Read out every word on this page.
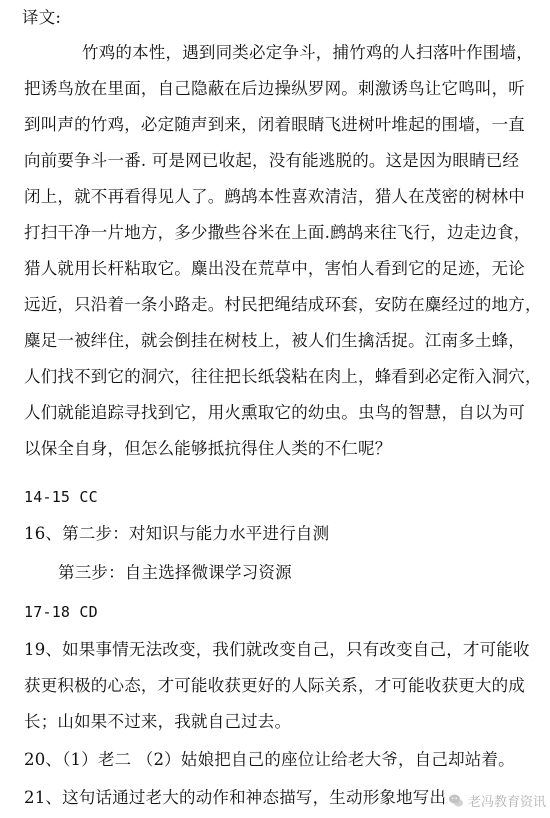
译文:
竹鸡的本性，遇到同类必定争斗，捕竹鸡的人扫落叶作围墙，
把诱鸟放在里面，自己隐蔽在后边操纵罗网。刺激诱鸟让它鸣叫，听
到叫声的竹鸡，必定随声到来，闭着眼睛飞进树叶堆起的围墙，一直
向前要争斗一番. 可是网已收起，没有能逃脱的。这是因为眼睛已经
闭上，就不再看得见人了。鹧鸪本性喜欢清洁，猎人在茂密的树林中
打扫干净一片地方，多少撒些谷米在上面.鹧鸪来往飞行，边走边食，
猎人就用长杆粘取它。麋出没在荒草中，害怕人看到它的足迹，无论
远近，只沿着一条小路走。村民把绳结成环套，安防在麋经过的地方，
麋足一被绊住，就会倒挂在树枝上，被人们生擒活捉。江南多土蜂，
人们找不到它的洞穴，往往把长纸袋粘在肉上，蜂看到必定衔入洞穴，
人们就能追踪寻找到它，用火熏取它的幼虫。虫鸟的智慧，自以为可
以保全自身，但怎么能够抵抗得住人类的不仁呢？
14-15 CC
16、第二步：对知识与能力水平进行自测
第三步：自主选择微课学习资源
17-18 CD
19、如果事情无法改变，我们就改变自己，只有改变自己，才可能收
获更积极的心态，才可能收获更好的人际关系，才可能收获更大的成
长；山如果不过来，我就自己过去。
20、（1）老二 （2）姑娘把自己的座位让给老大爷，自己却站着。
21、这句话通过老大的动作和神态描写，生动形象地写出	老冯教育资讯
